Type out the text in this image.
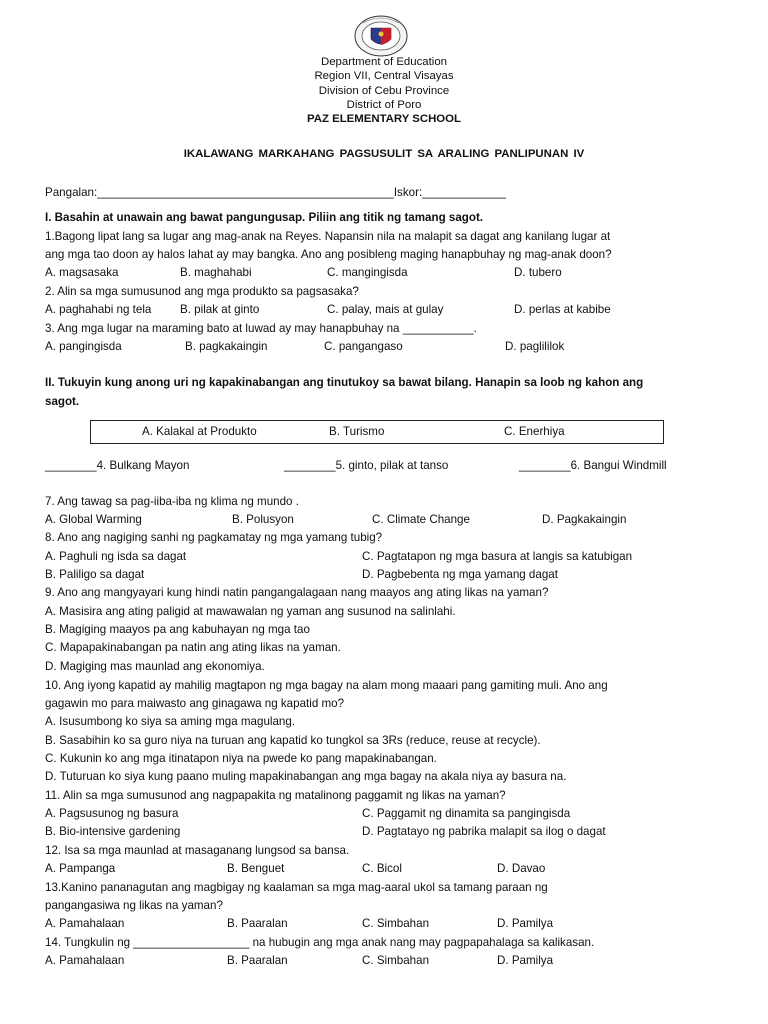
Department of Education
Region VII, Central Visayas
Division of Cebu Province
District of Poro
PAZ ELEMENTARY SCHOOL
IKALAWANG MARKAHANG PAGSUSULIT SA ARALING PANLIPUNAN IV
Pangalan:______________________________________________Iskor:_____________
I. Basahin at unawain ang bawat pangungusap. Piliin ang titik ng tamang sagot.
1.Bagong lipat lang sa lugar ang mag-anak na Reyes. Napansin nila na malapit sa dagat ang kanilang lugar at
ang mga tao doon ay halos lahat ay may bangka. Ano ang posibleng maging hanapbuhay ng mag-anak doon?
A. magsasaka	B. maghahabi	C. mangingisda	D. tubero
2. Alin sa mga sumusunod ang mga produkto sa pagsasaka?
A. paghahabi ng tela B. pilak at ginto	C. palay, mais at gulay	D. perlas at kabibe
3. Ang mga lugar na maraming bato at luwad ay may hanapbuhay na ___________.
A. pangingisda	B. pagkakaingin	C. pangangaso	D. paglililok
II. Tukuyin kung anong uri ng kapakinabangan ang tinutukoy sa bawat bilang. Hanapin sa loob ng kahon ang
sagot.
A. Kalakal at Produkto	B. Turismo	C. Enerhiya
________4. Bulkang Mayon	________5. ginto, pilak at tanso	________6. Bangui Windmill
7. Ang tawag sa pag-iiba-iba ng klima ng mundo .
A. Global Warming	B. Polusyon	C. Climate Change	D. Pagkakaingin
8. Ano ang nagiging sanhi ng pagkamatay ng mga yamang tubig?
A. Paghuli ng isda sa dagat	C. Pagtatapon ng mga basura at langis sa katubigan
B. Paliligo sa dagat	D. Pagbebenta ng mga yamang dagat
9. Ano ang mangyayari kung hindi natin pangangalagaan nang maayos ang ating likas na yaman?
A. Masisira ang ating paligid at mawawalan ng yaman ang susunod na salinlahi.
B. Magiging maayos pa ang kabuhayan ng mga tao
C. Mapapakinabangan pa natin ang ating likas na yaman.
D. Magiging mas maunlad ang ekonomiya.
10. Ang iyong kapatid ay mahilig magtapon ng mga bagay na alam mong maaari pang gamiting muli. Ano ang
gagawin mo para maiwasto ang ginagawa ng kapatid mo?
A. Isusumbong ko siya sa aming mga magulang.
B. Sasabihin ko sa guro niya na turuan ang kapatid ko tungkol sa 3Rs (reduce, reuse at recycle).
C. Kukunin ko ang mga itinatapon niya na pwede ko pang mapakinabangan.
D. Tuturuan ko siya kung paano muling mapakinabangan ang mga bagay na akala niya ay basura na.
11. Alin sa mga sumusunod ang nagpapakita ng matalinong paggamit ng likas na yaman?
A. Pagsusunog ng basura	C. Paggamit ng dinamita sa pangingisda
B. Bio-intensive gardening	D. Pagtatayo ng pabrika malapit sa ilog o dagat
12. Isa sa mga maunlad at masaganang lungsod sa bansa.
A. Pampanga	B. Benguet	C. Bicol	D. Davao
13.Kanino pananagutan ang magbigay ng kaalaman sa mga mag-aaral ukol sa tamang paraan ng
pangangasiwa ng likas na yaman?
A. Pamahalaan	B. Paaralan	C. Simbahan	D. Pamilya
14. Tungkulin ng __________________ na hubugin ang mga anak nang may pagpapahalaga sa kalikasan.
A. Pamahalaan	B. Paaralan	C. Simbahan	D. Pamilya
